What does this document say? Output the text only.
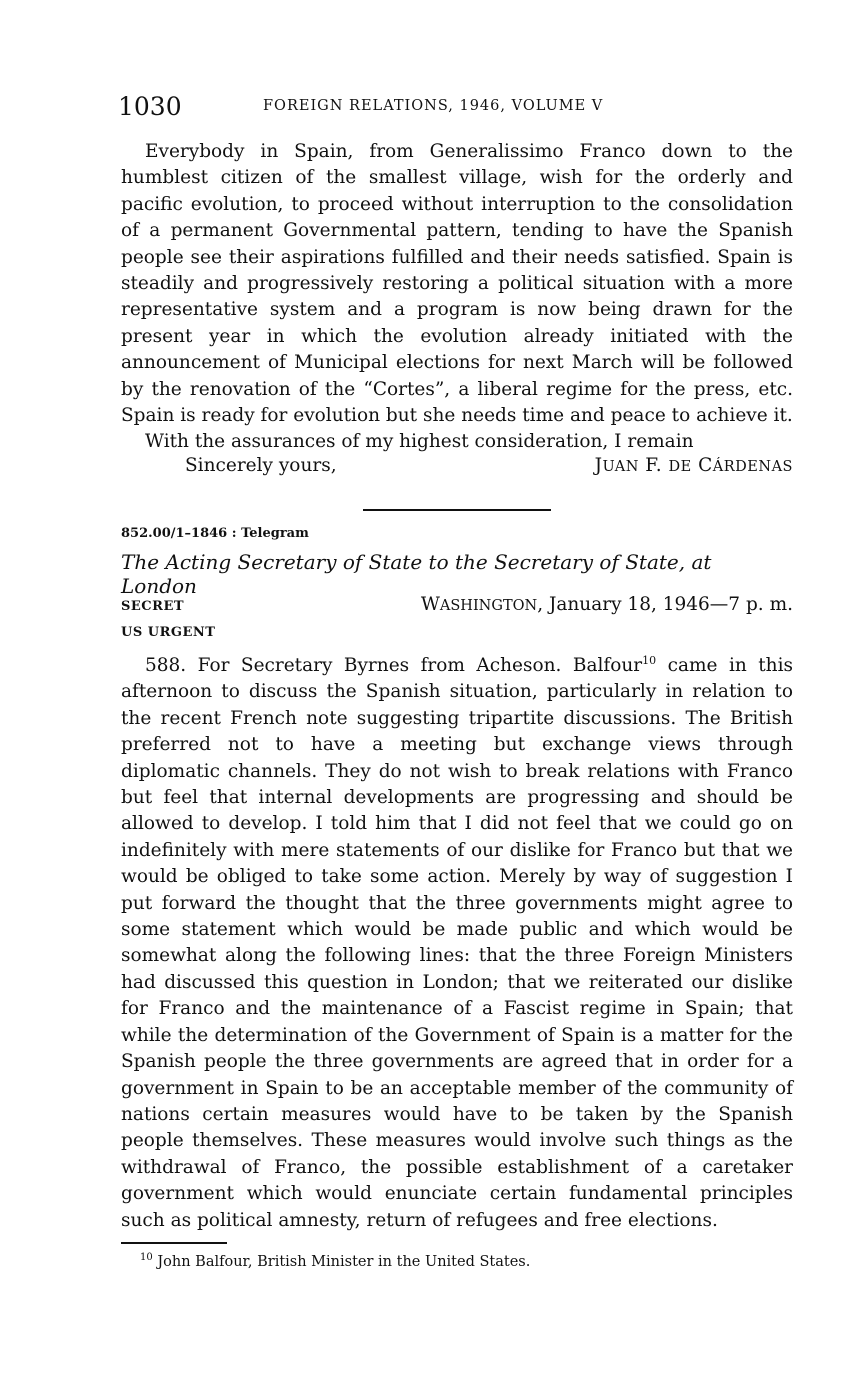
1030	FOREIGN RELATIONS, 1946, VOLUME V

Everybody in Spain, from Generalissimo Franco down to the humblest citizen of the smallest village, wish for the orderly and pacific evolution, to proceed without interruption to the consolidation of a permanent Governmental pattern, tending to have the Spanish people see their aspirations fulfilled and their needs satisfied. Spain is steadily and progressively restoring a political situation with a more representative system and a program is now being drawn for the present year in which the evolution already initiated with the announcement of Municipal elections for next March will be followed by the renovation of the “Cortes”, a liberal regime for the press, etc. Spain is ready for evolution but she needs time and peace to achieve it.

With the assurances of my highest consideration, I remain
Sincerely yours,	JUAN F. DE CÁRDENAS
852.00/1–1846 : Telegram
The Acting Secretary of State to the Secretary of State, at London
SECRET	WASHINGTON, January 18, 1946—7 p. m.
US URGENT

588. For Secretary Byrnes from Acheson. Balfour$^{10}$ came in this afternoon to discuss the Spanish situation, particularly in relation to the recent French note suggesting tripartite discussions. The British preferred not to have a meeting but exchange views through diplomatic channels. They do not wish to break relations with Franco but feel that internal developments are progressing and should be allowed to develop. I told him that I did not feel that we could go on indefinitely with mere statements of our dislike for Franco but that we would be obliged to take some action. Merely by way of suggestion I put forward the thought that the three governments might agree to some statement which would be made public and which would be somewhat along the following lines: that the three Foreign Ministers had discussed this question in London; that we reiterated our dislike for Franco and the maintenance of a Fascist regime in Spain; that while the determination of the Government of Spain is a matter for the Spanish people the three governments are agreed that in order for a government in Spain to be an acceptable member of the community of nations certain measures would have to be taken by the Spanish people themselves. These measures would involve such things as the withdrawal of Franco, the possible establishment of a caretaker government which would enunciate certain fundamental principles such as political amnesty, return of refugees and free elections.

$^{10}$ John Balfour, British Minister in the United States.
